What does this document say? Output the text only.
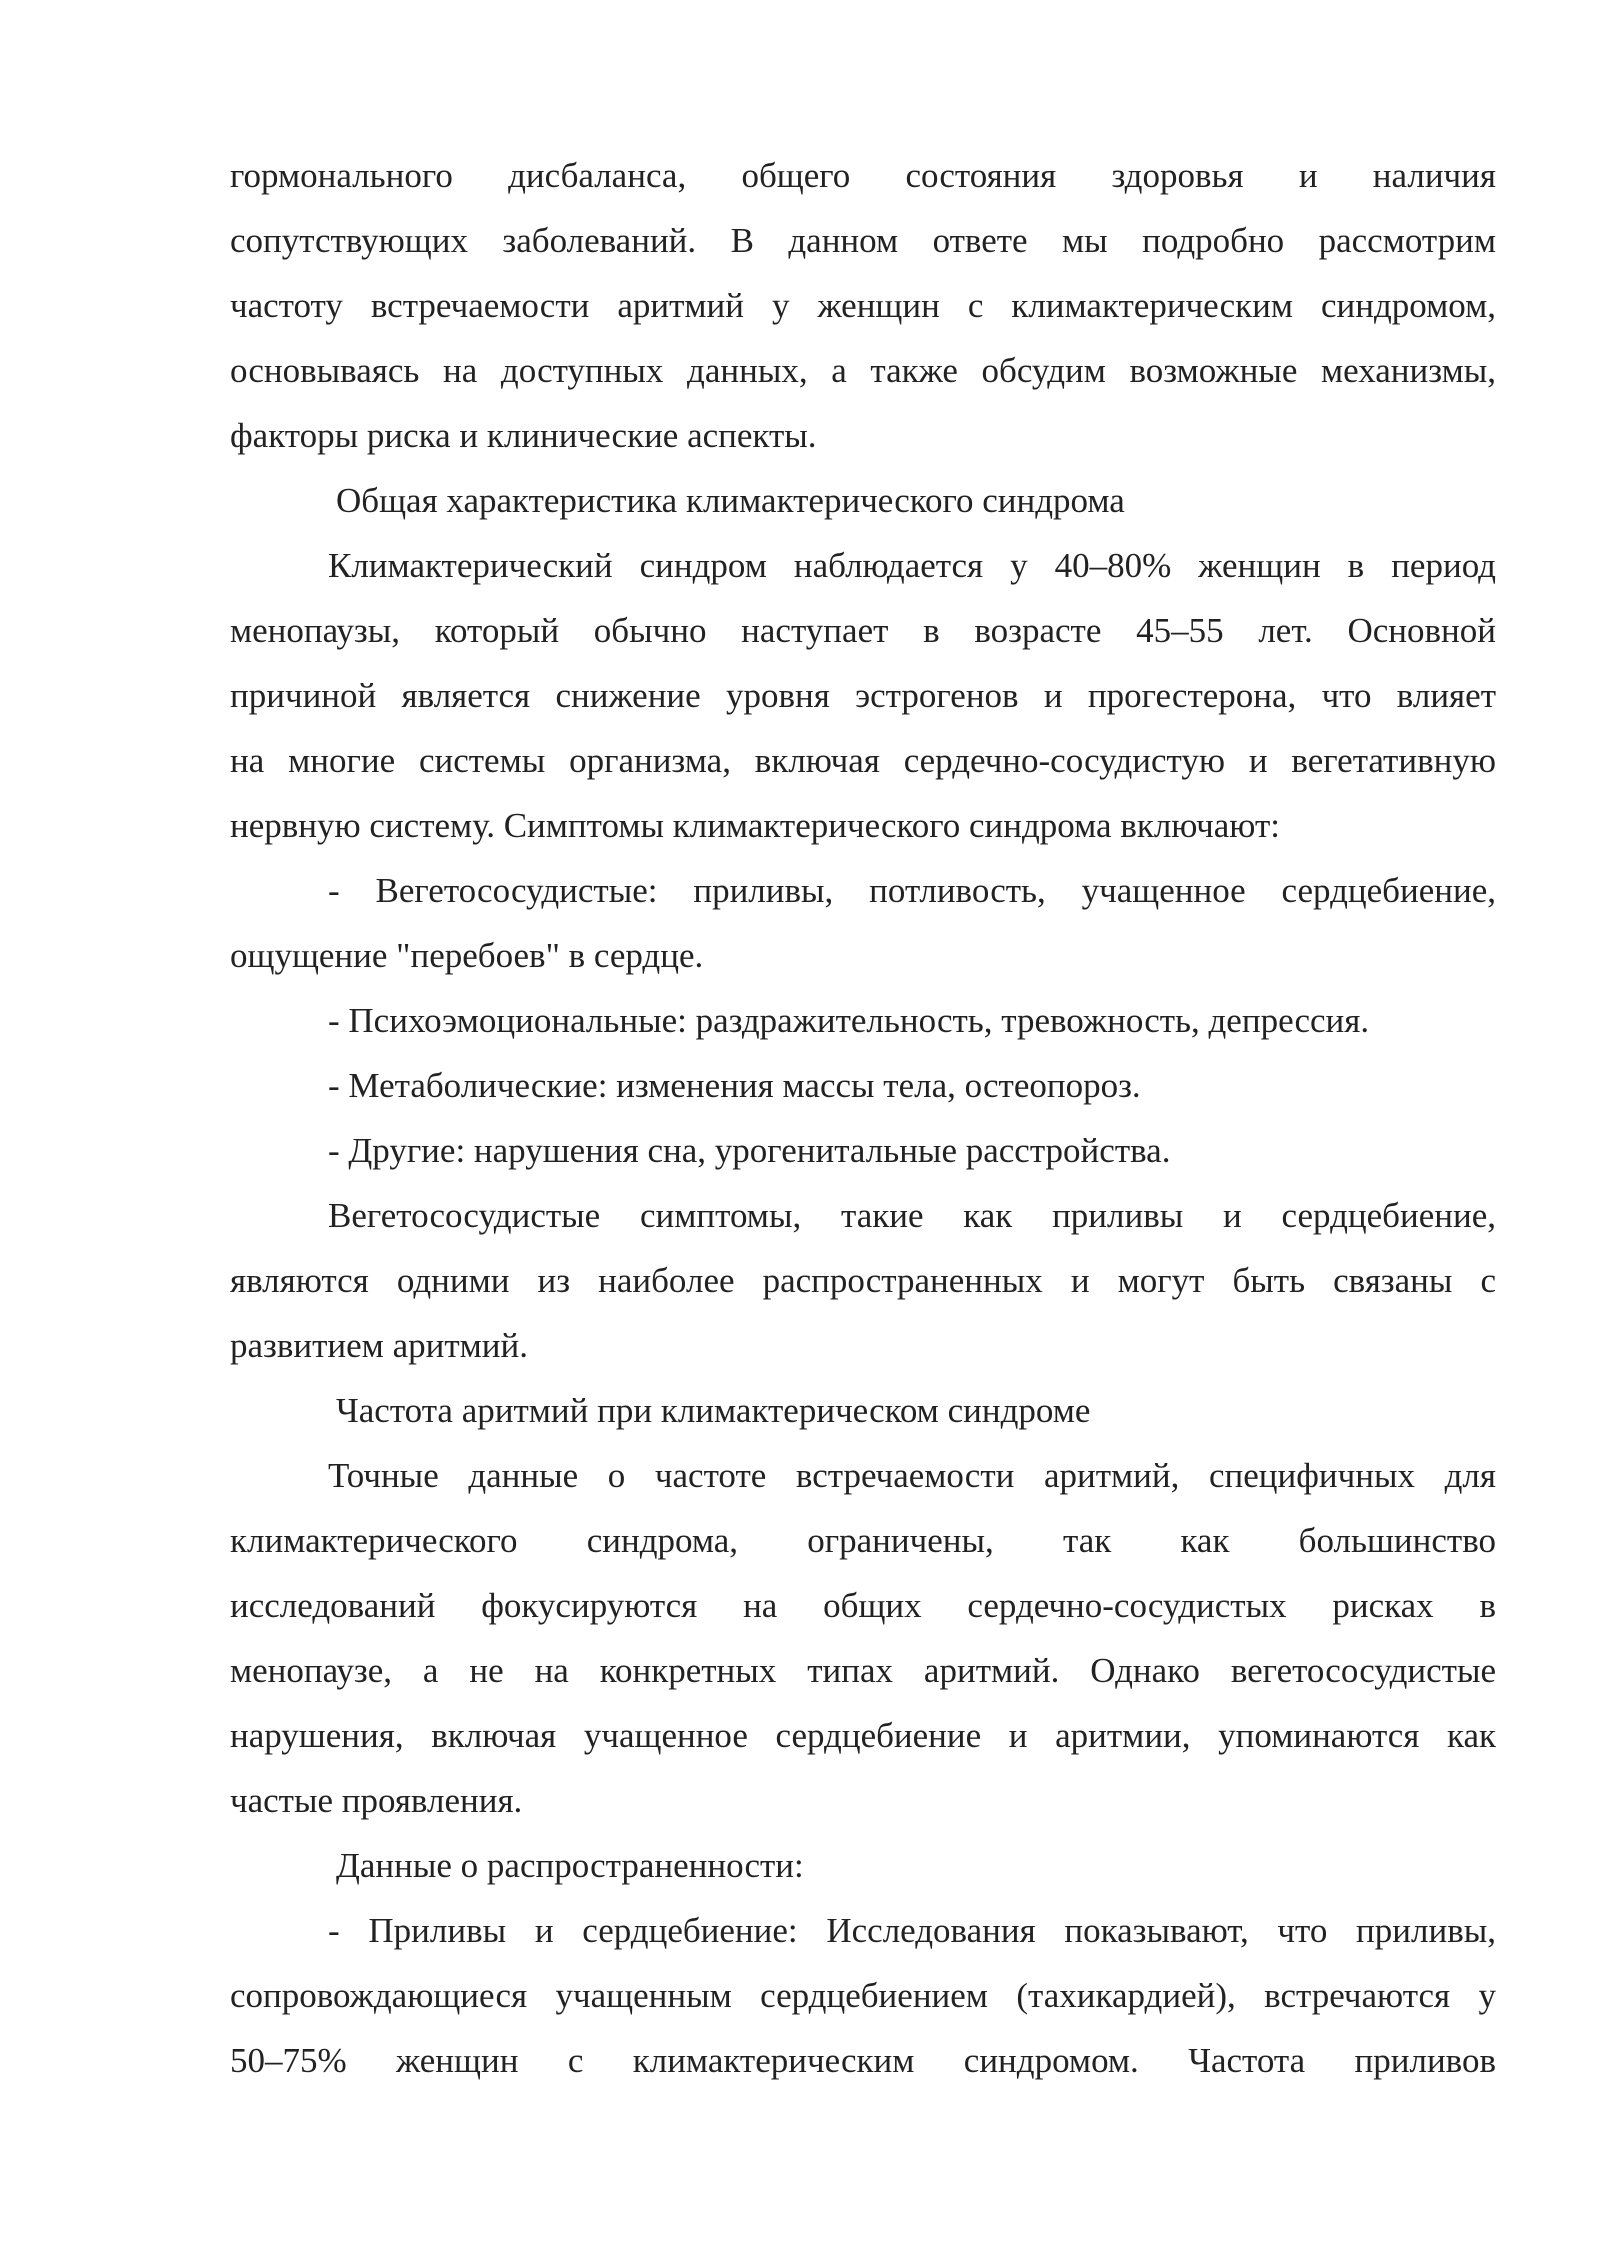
гормонального дисбаланса, общего состояния здоровья и наличия
сопутствующих заболеваний. В данном ответе мы подробно рассмотрим
частоту встречаемости аритмий у женщин с климактерическим синдромом,
основываясь на доступных данных, а также обсудим возможные механизмы,
факторы риска и клинические аспекты.
Общая характеристика климактерического синдрома
Климактерический синдром наблюдается у 40–80% женщин в период
менопаузы, который обычно наступает в возрасте 45–55 лет. Основной
причиной является снижение уровня эстрогенов и прогестерона, что влияет
на многие системы организма, включая сердечно-сосудистую и вегетативную
нервную систему. Симптомы климактерического синдрома включают:
- Вегетососудистые: приливы, потливость, учащенное сердцебиение,
ощущение "перебоев" в сердце.
- Психоэмоциональные: раздражительность, тревожность, депрессия.
- Метаболические: изменения массы тела, остеопороз.
- Другие: нарушения сна, урогенитальные расстройства.
Вегетососудистые симптомы, такие как приливы и сердцебиение,
являются одними из наиболее распространенных и могут быть связаны с
развитием аритмий.
Частота аритмий при климактерическом синдроме
Точные данные о частоте встречаемости аритмий, специфичных для
климактерического синдрома, ограничены, так как большинство
исследований фокусируются на общих сердечно-сосудистых рисках в
менопаузе, а не на конкретных типах аритмий. Однако вегетососудистые
нарушения, включая учащенное сердцебиение и аритмии, упоминаются как
частые проявления.
Данные о распространенности:
- Приливы и сердцебиение: Исследования показывают, что приливы,
сопровождающиеся учащенным сердцебиением (тахикардией), встречаются у
50–75% женщин с климактерическим синдромом. Частота приливов
